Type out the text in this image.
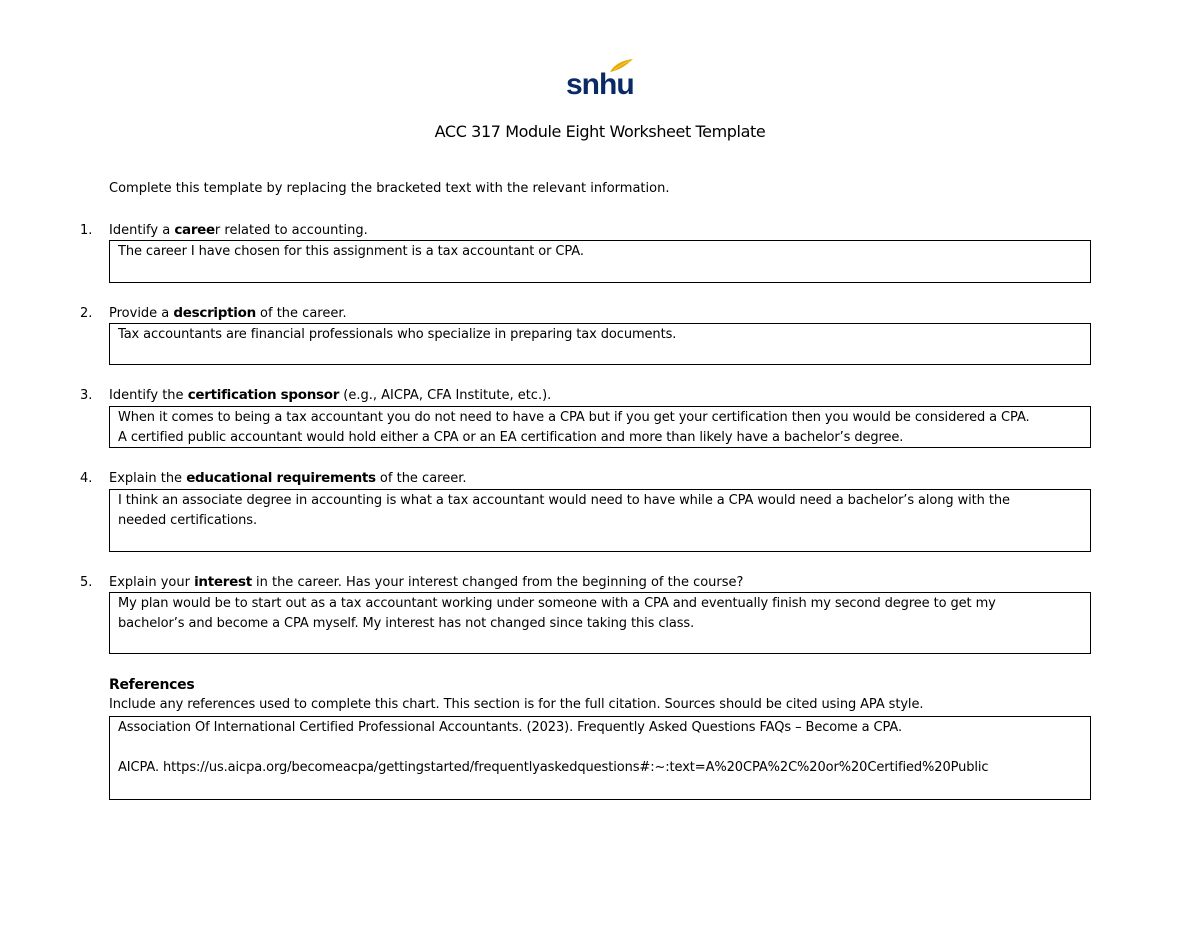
snhu
ACC 317 Module Eight Worksheet Template
Complete this template by replacing the bracketed text with the relevant information.
1. Identify a career related to accounting.
The career I have chosen for this assignment is a tax accountant or CPA.
2. Provide a description of the career.
Tax accountants are financial professionals who specialize in preparing tax documents.
3. Identify the certification sponsor (e.g., AICPA, CFA Institute, etc.).
When it comes to being a tax accountant you do not need to have a CPA but if you get your certification then you would be considered a CPA.
A certified public accountant would hold either a CPA or an EA certification and more than likely have a bachelor’s degree.
4. Explain the educational requirements of the career.
I think an associate degree in accounting is what a tax accountant would need to have while a CPA would need a bachelor’s along with the
needed certifications.
5. Explain your interest in the career. Has your interest changed from the beginning of the course?
My plan would be to start out as a tax accountant working under someone with a CPA and eventually finish my second degree to get my
bachelor’s and become a CPA myself. My interest has not changed since taking this class.
References
Include any references used to complete this chart. This section is for the full citation. Sources should be cited using APA style.
Association Of International Certified Professional Accountants. (2023). Frequently Asked Questions FAQs – Become a CPA.
AICPA. https://us.aicpa.org/becomeacpa/gettingstarted/frequentlyaskedquestions#:~:text=A%20CPA%2C%20or%20Certified%20Public
